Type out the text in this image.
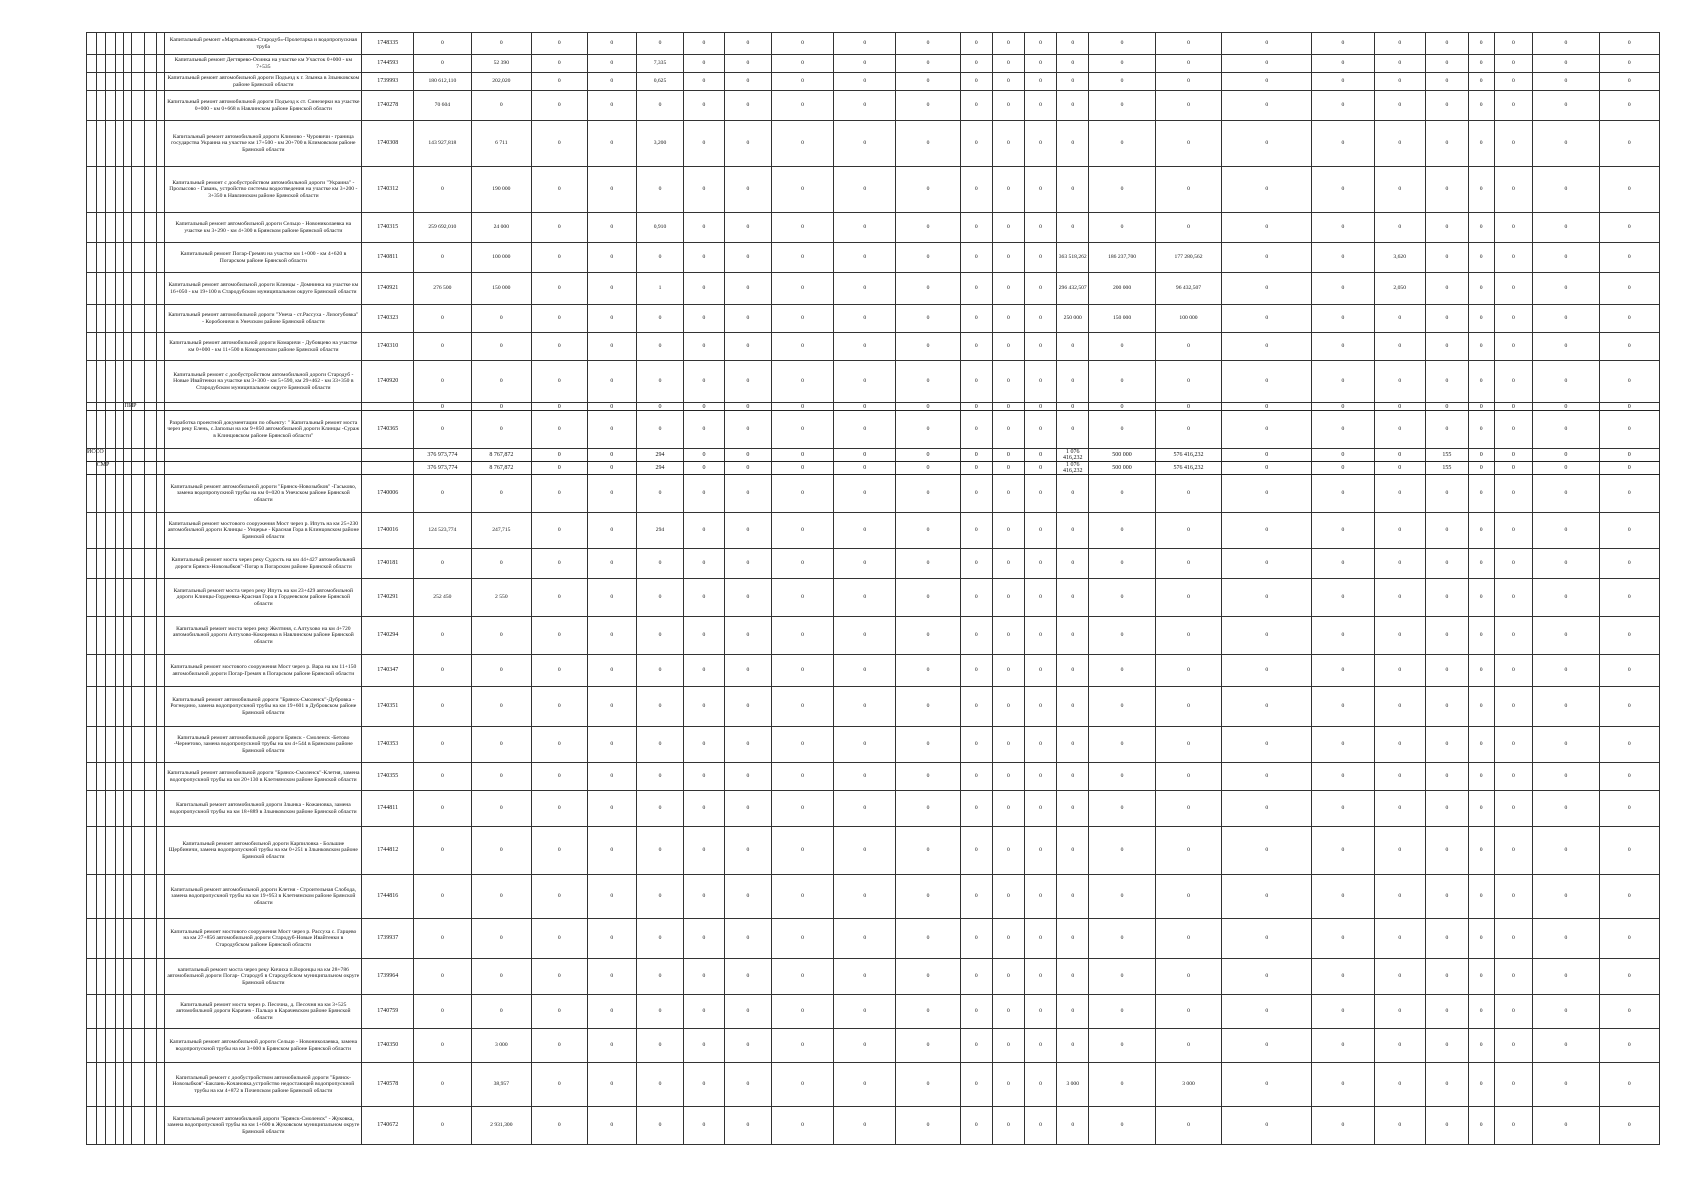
								Капитальный ремонт «Мартьяновка-Стародуб»-Пролетарка и водопропускная труба	1748335	0	0	0	0	0	0	0	0	0	0	0	0	0	0	0	0	0	0	0	0	0	0	0	0
								Капитальный ремонт Дегтярево-Осинка на участке км Участок 0+000 - км 7+535	1744593	0	52 390	0	0	7,335	0	0	0	0	0	0	0	0	0	0	0	0	0	0	0	0	0	0	0
								Капитальный ремонт автомобильной дороги Подъезд к г. Злынка в Злынковском районе Брянской области	1739993	180 612,110	202,020	0	0	0,625	0	0	0	0	0	0	0	0	0	0	0	0	0	0	0	0	0	0	0
								Капитальный ремонт автомобильной дороги Подъезд к ст. Синезерки на участке 0+000 - км 0+668 в Навлинском районе Брянской области	1740278	70 604	0	0	0	0	0	0	0	0	0	0	0	0	0	0	0	0	0	0	0	0	0	0	0
								Капитальный ремонт автомобильной дороги Климово - Чуровичи - граница государства Украина на участке км 17+500 - км 20+700 в Климовском районе Брянской области	1740308	143 927,818	6 711	0	0	3,200	0	0	0	0	0	0	0	0	0	0	0	0	0	0	0	0	0	0	0
								Капитальный ремонт с дообустройством автомобильной дороги "Украина" - Пролысово - Гавань, устройство системы водоотведения на участке км 3+200 - 3+350 в Навлинском районе Брянской области	1740312	0	190 000	0	0	0	0	0	0	0	0	0	0	0	0	0	0	0	0	0	0	0	0	0	0
								Капитальный ремонт автомобильной дороги Сельцо - Новониколаевка на участке км 3+290 - км 4+300 в Брянском районе Брянской области	1740315	259 692,010	24 000	0	0	0,910	0	0	0	0	0	0	0	0	0	0	0	0	0	0	0	0	0	0	0
								Капитальный ремонт Погар-Гремяч на участке км 1+000 - км 4+620 в Погарском районе Брянской области	1740811	0	100 000	0	0	0	0	0	0	0	0	0	0	0	363 518,262	186 237,700	177 280,562	0	0	3,620	0	0	0	0	0
								Капитальный ремонт автомобильной дороги Клинцы - Домнинка на участке км 16+050 - км 19+100 в Стародубском муниципальном округе Брянской области	1740921	276 500	150 000	0	0	1	0	0	0	0	0	0	0	0	296 432,507	200 000	96 432,507	0	0	2,050	0	0	0	0	0
								Капитальный ремонт автомобильной дороги "Унеча - ст.Рассуха - Лизогубовка" - Коробоничи в Унечском районе Брянской области	1740323	0	0	0	0	0	0	0	0	0	0	0	0	0	250 000	150 000	100 000	0	0	0	0	0	0	0	0
								Капитальный ремонт автомобильной дороги Комаричи - Дубовцево на участке км 0+000 - км 11+500 в Комаричском районе Брянской области	1740310	0	0	0	0	0	0	0	0	0	0	0	0	0	0	0	0	0	0	0	0	0	0	0	0
								Капитальный ремонт с дообустройством автомобильной дороги Стародуб - Новые Ивайтенки на участке км 3+300 - км 5+590, км 29+462 - км 33+350 в Стародубском муниципальном округе Брянской области	1740920	0	0	0	0	0	0	0	0	0	0	0	0	0	0	0	0	0	0	0	0	0	0	0	0
				ПИР						0	0	0	0	0	0	0	0	0	0	0	0	0	0	0	0	0	0	0	0	0	0	0	0
								Разработка проектной документации по объекту: " Капитальный ремонт моста через реку Елень, с.Запольи на км 9+850 автомобильной дороги Клинцы -Сураж в Клинцовском районе Брянской области"	1740365	0	0	0	0	0	0	0	0	0	0	0	0	0	0	0	0	0	0	0	0	0	0	0	0
ИССО										376 973,774	8 767,872	0	0	294	0	0	0	0	0	0	0	0	1 076 416,232	500 000	576 416,232	0	0	0	155	0	0	0	0
	СМР									376 973,774	8 767,872	0	0	294	0	0	0	0	0	0	0	0	1 076 416,232	500 000	576 416,232	0	0	0	155	0	0	0	0
								Капитальный ремонт автомобильной дороги "Брянск-Новозыбков" -Гаськово, замена водопропускной трубы на км 0+020 в Унечском районе Брянской области	1740006	0	0	0	0	0	0	0	0	0	0	0	0	0	0	0	0	0	0	0	0	0	0	0	0
								Капитальный ремонт мостового сооружения Мост через р. Ипуть на км 25+230 автомобильной дороги Клинцы - Унцерье - Красная Гора в Клинцовском районе Брянской области	1740016	124 523,774	247,715	0	0	294	0	0	0	0	0	0	0	0	0	0	0	0	0	0	0	0	0	0	0
								Капитальный ремонт моста через реку Судость на км 44+427 автомобильной дороги Брянск-Новозыбков"-Погар в Погарском районе Брянской области	1740181	0	0	0	0	0	0	0	0	0	0	0	0	0	0	0	0	0	0	0	0	0	0	0	0
								Капитальный ремонт моста через реку Ипуть на км 23+429 автомобильной дороги Клинцы-Гордеевка-Красная Гора в Гордеевском районе Брянской области	1740291	252 450	2 550	0	0	0	0	0	0	0	0	0	0	0	0	0	0	0	0	0	0	0	0	0	0
								Капитальный ремонт моста через реку Желтиня, с.Алтухово на км 4+720 автомобильной дороги Алтухово-Кокоревка в Навлинском районе Брянской области	1740294	0	0	0	0	0	0	0	0	0	0	0	0	0	0	0	0	0	0	0	0	0	0	0	0
								Капитальный ремонт мостового сооружения Мост через р. Вара на км 11+150 автомобильной дороги Погар-Гремяч в Погарском районе Брянской области	1740347	0	0	0	0	0	0	0	0	0	0	0	0	0	0	0	0	0	0	0	0	0	0	0	0
								Капитальный ремонт автомобильной дороги "Брянск-Смоленск"-Дубровка - Рогнедино, замена водопропускной трубы на км 19+601 в Дубровском районе Брянской области	1740351	0	0	0	0	0	0	0	0	0	0	0	0	0	0	0	0	0	0	0	0	0	0	0	0
								Капитальный ремонт автомобильной дороги Брянск - Смоленск -Бетово -Чернетово, замена водопропускной трубы на км 4+544 в Брянском районе Брянской области	1740353	0	0	0	0	0	0	0	0	0	0	0	0	0	0	0	0	0	0	0	0	0	0	0	0
								Капитальный ремонт автомобильной дороги "Брянск-Смоленск"-Клетня, замена водопропускной трубы на км 20+130 в Клетнянском районе Брянской области	1740355	0	0	0	0	0	0	0	0	0	0	0	0	0	0	0	0	0	0	0	0	0	0	0	0
								Капитальный ремонт автомобильной дороги Злынка - Кожановка, замена водопропускной трубы на км 18+889 в Злынковском районе Брянской области	1744811	0	0	0	0	0	0	0	0	0	0	0	0	0	0	0	0	0	0	0	0	0	0	0	0
								Капитальный ремонт автомобильной дороги Карпиловка - Большие Щербиничи, замена водопропускной трубы на км 0+251 в Злынковском районе Брянской области	1744812	0	0	0	0	0	0	0	0	0	0	0	0	0	0	0	0	0	0	0	0	0	0	0	0
								Капитальный ремонт автомобильной дороги Клетня - Строительная Слобода, замена водопропускной трубы на км 19+953 в Клетнянском районе Брянской области	1744816	0	0	0	0	0	0	0	0	0	0	0	0	0	0	0	0	0	0	0	0	0	0	0	0
								Капитальный ремонт мостового сооружения Мост через р. Рассуха с. Гарцево на км 27+856 автомобильной дороги Стародуб-Новые Ивайтенки в Стародубском районе Брянской области	1739937	0	0	0	0	0	0	0	0	0	0	0	0	0	0	0	0	0	0	0	0	0	0	0	0
								капитальный ремонт моста через реку Кичиха п.Воронцы на км 28+786 автомобильной дороги Погар- Стародуб в Стародубском муниципальном округе Брянской области	1739964	0	0	0	0	0	0	0	0	0	0	0	0	0	0	0	0	0	0	0	0	0	0	0	0
								Капитальный ремонт моста через р. Песочна, д. Песочня на км 3+525 автомобильной дороги Карачев - Пальцо в Карачевском районе Брянской области	1740759	0	0	0	0	0	0	0	0	0	0	0	0	0	0	0	0	0	0	0	0	0	0	0	0
								Капитальный ремонт автомобильной дороги Сельцо - Новониколаевка, замена водопропускной трубы на км 3+000 в Брянском районе Брянской области	1740350	0	3 000	0	0	0	0	0	0	0	0	0	0	0	0	0	0	0	0	0	0	0	0	0	0
								Капитальный ремонт с дообустройством автомобильной дороги "Брянск-Новозыбков"-Баклань-Кочановка,устройство недостающей водопропускной трубы на км 4+872 в Почепском районе Брянской области	1740578	0	38,957	0	0	0	0	0	0	0	0	0	0	0	3 000	0	3 000	0	0	0	0	0	0	0	0
								Капитальный ремонт автомобильной дороги "Брянск-Смоленск" - Жуковка, замена водопропускной трубы на км 1+600 в Жуковском муниципальном округе Брянской области	1740672	0	2 931,300	0	0	0	0	0	0	0	0	0	0	0	0	0	0	0	0	0	0	0	0	0	0
